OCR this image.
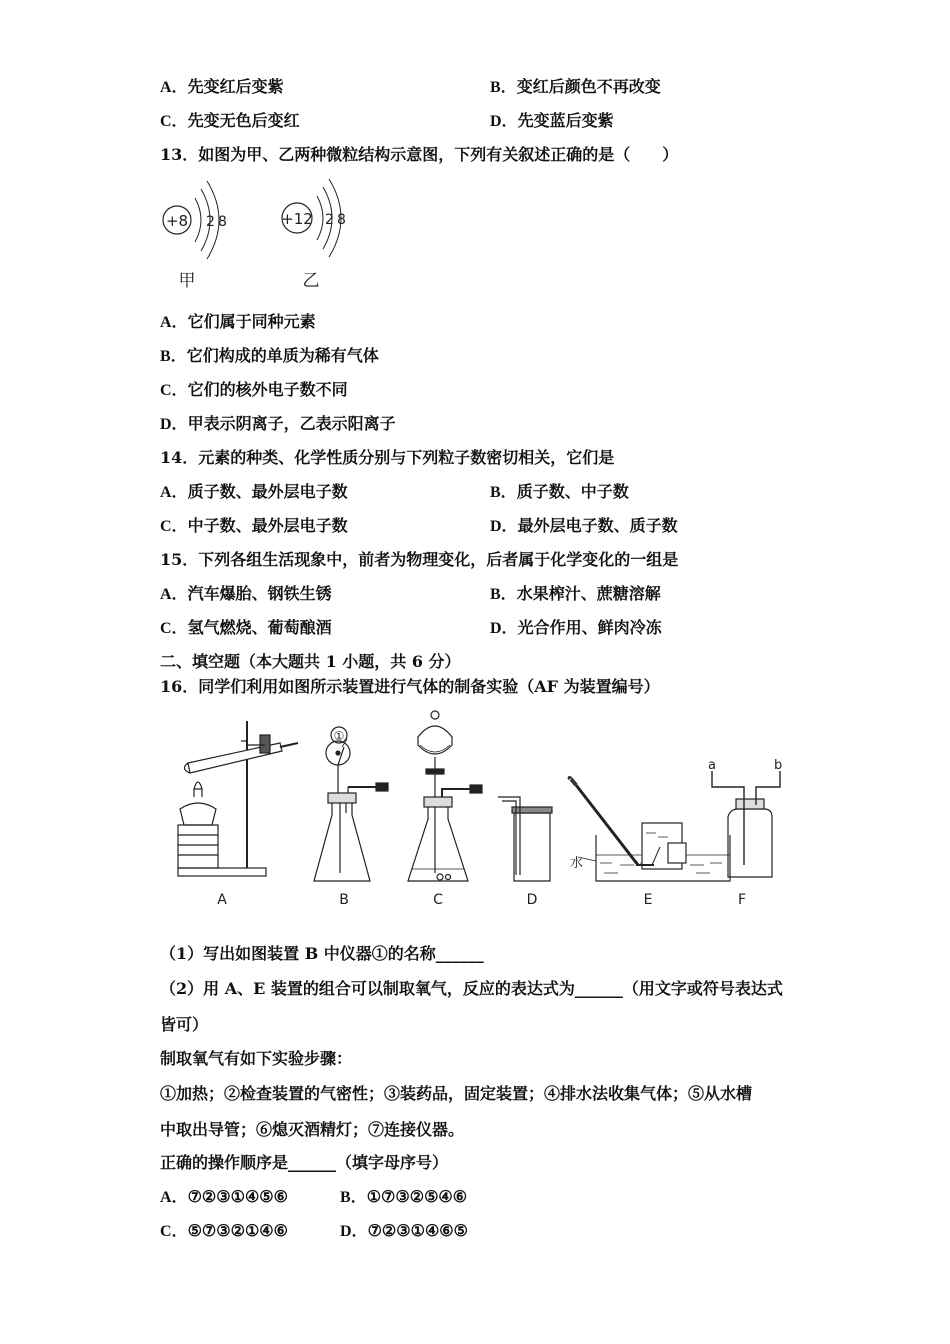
A．先变红后变紫	B．变红后颜色不再改变
C．先变无色后变红	D．先变蓝后变紫
13．如图为甲、乙两种微粒结构示意图，下列有关叙述正确的是（　　）
+8 2 8
甲
+12 2 8
乙
A．它们属于同种元素
B．它们构成的单质为稀有气体
C．它们的核外电子数不同
D．甲表示阴离子，乙表示阳离子
14．元素的种类、化学性质分别与下列粒子数密切相关，它们是
A．质子数、最外层电子数	B．质子数、中子数
C．中子数、最外层电子数	D．最外层电子数、质子数
15．下列各组生活现象中，前者为物理变化，后者属于化学变化的一组是
A．汽车爆胎、钢铁生锈	B．水果榨汁、蔗糖溶解
C．氢气燃烧、葡萄酿酒	D．光合作用、鲜肉冷冻
二、填空题（本大题共 1 小题，共 6 分）
16．同学们利用如图所示装置进行气体的制备实验（AF 为装置编号）
①
水
a	b
A	B	C	D	E	F
（1）写出如图装置 B 中仪器①的名称______
（2）用 A、E 装置的组合可以制取氧气，反应的表达式为______（用文字或符号表达式
皆可）
制取氧气有如下实验步骤：
①加热；②检查装置的气密性；③装药品，固定装置；④排水法收集气体；⑤从水槽
中取出导管；⑥熄灭酒精灯；⑦连接仪器。
正确的操作顺序是______（填字母序号）
A．⑦②③①④⑤⑥	B．①⑦③②⑤④⑥
C．⑤⑦③②①④⑥	D．⑦②③①④⑥⑤
